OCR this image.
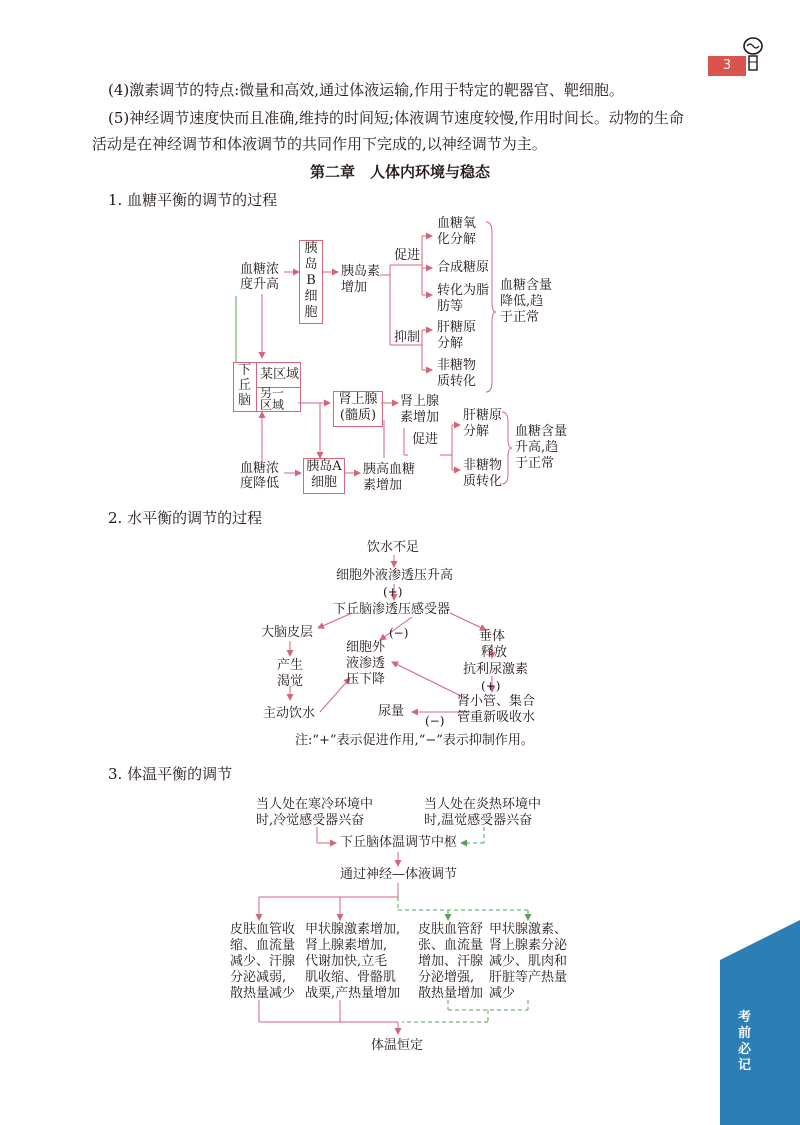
3
(4)激素调节的特点:微量和高效,通过体液运输,作用于特定的靶器官、靶细胞。
(5)神经调节速度快而且准确,维持的时间短;体液调节速度较慢,作用时间长。动物的生命
活动是在神经调节和体液调节的共同作用下完成的,以神经调节为主。
第二章　人体内环境与稳态
1. 血糖平衡的调节的过程
2. 水平衡的调节的过程
3. 体温平衡的调节
血糖浓
度升高
胰
岛
B
细
胞
胰岛素
增加
促进
抑制
血糖氧
化分解
合成糖原
转化为脂
肪等
肝糖原
分解
非糖物
质转化
血糖含量
降低,趋
于正常
下
丘
脑
某区域
另一
区域	肾上腺
(髓质)
肾上腺
素增加
促进
肝糖原
分解
非糖物
质转化
血糖含量
升高,趋
于正常
血糖浓
度降低
胰岛A
细胞
胰高血糖
素增加
饮水不足
细胞外液渗透压升高
(+)
下丘脑渗透压感受器
大脑皮层	(−)	垂体
产生
渴觉
细胞外
液渗透
压下降
释放
抗利尿激素
(+)
主动饮水	尿量
(−)
肾小管、集合
管重新吸收水
注:“+”表示促进作用,“−”表示抑制作用。
当人处在寒冷环境中
时,冷觉感受器兴奋
当人处在炎热环境中
时,温觉感受器兴奋
下丘脑体温调节中枢
通过神经—体液调节
皮肤血管收
缩、血流量
减少、汗腺
分泌减弱,
散热量减少
甲状腺激素增加,
肾上腺素增加,
代谢加快,立毛
肌收缩、骨骼肌
战栗,产热量增加
皮肤血管舒
张、血流量
增加、汗腺
分泌增强,
散热量增加
甲状腺激素、
肾上腺素分泌
减少、肌肉和
肝脏等产热量
减少
体温恒定
考前必记
